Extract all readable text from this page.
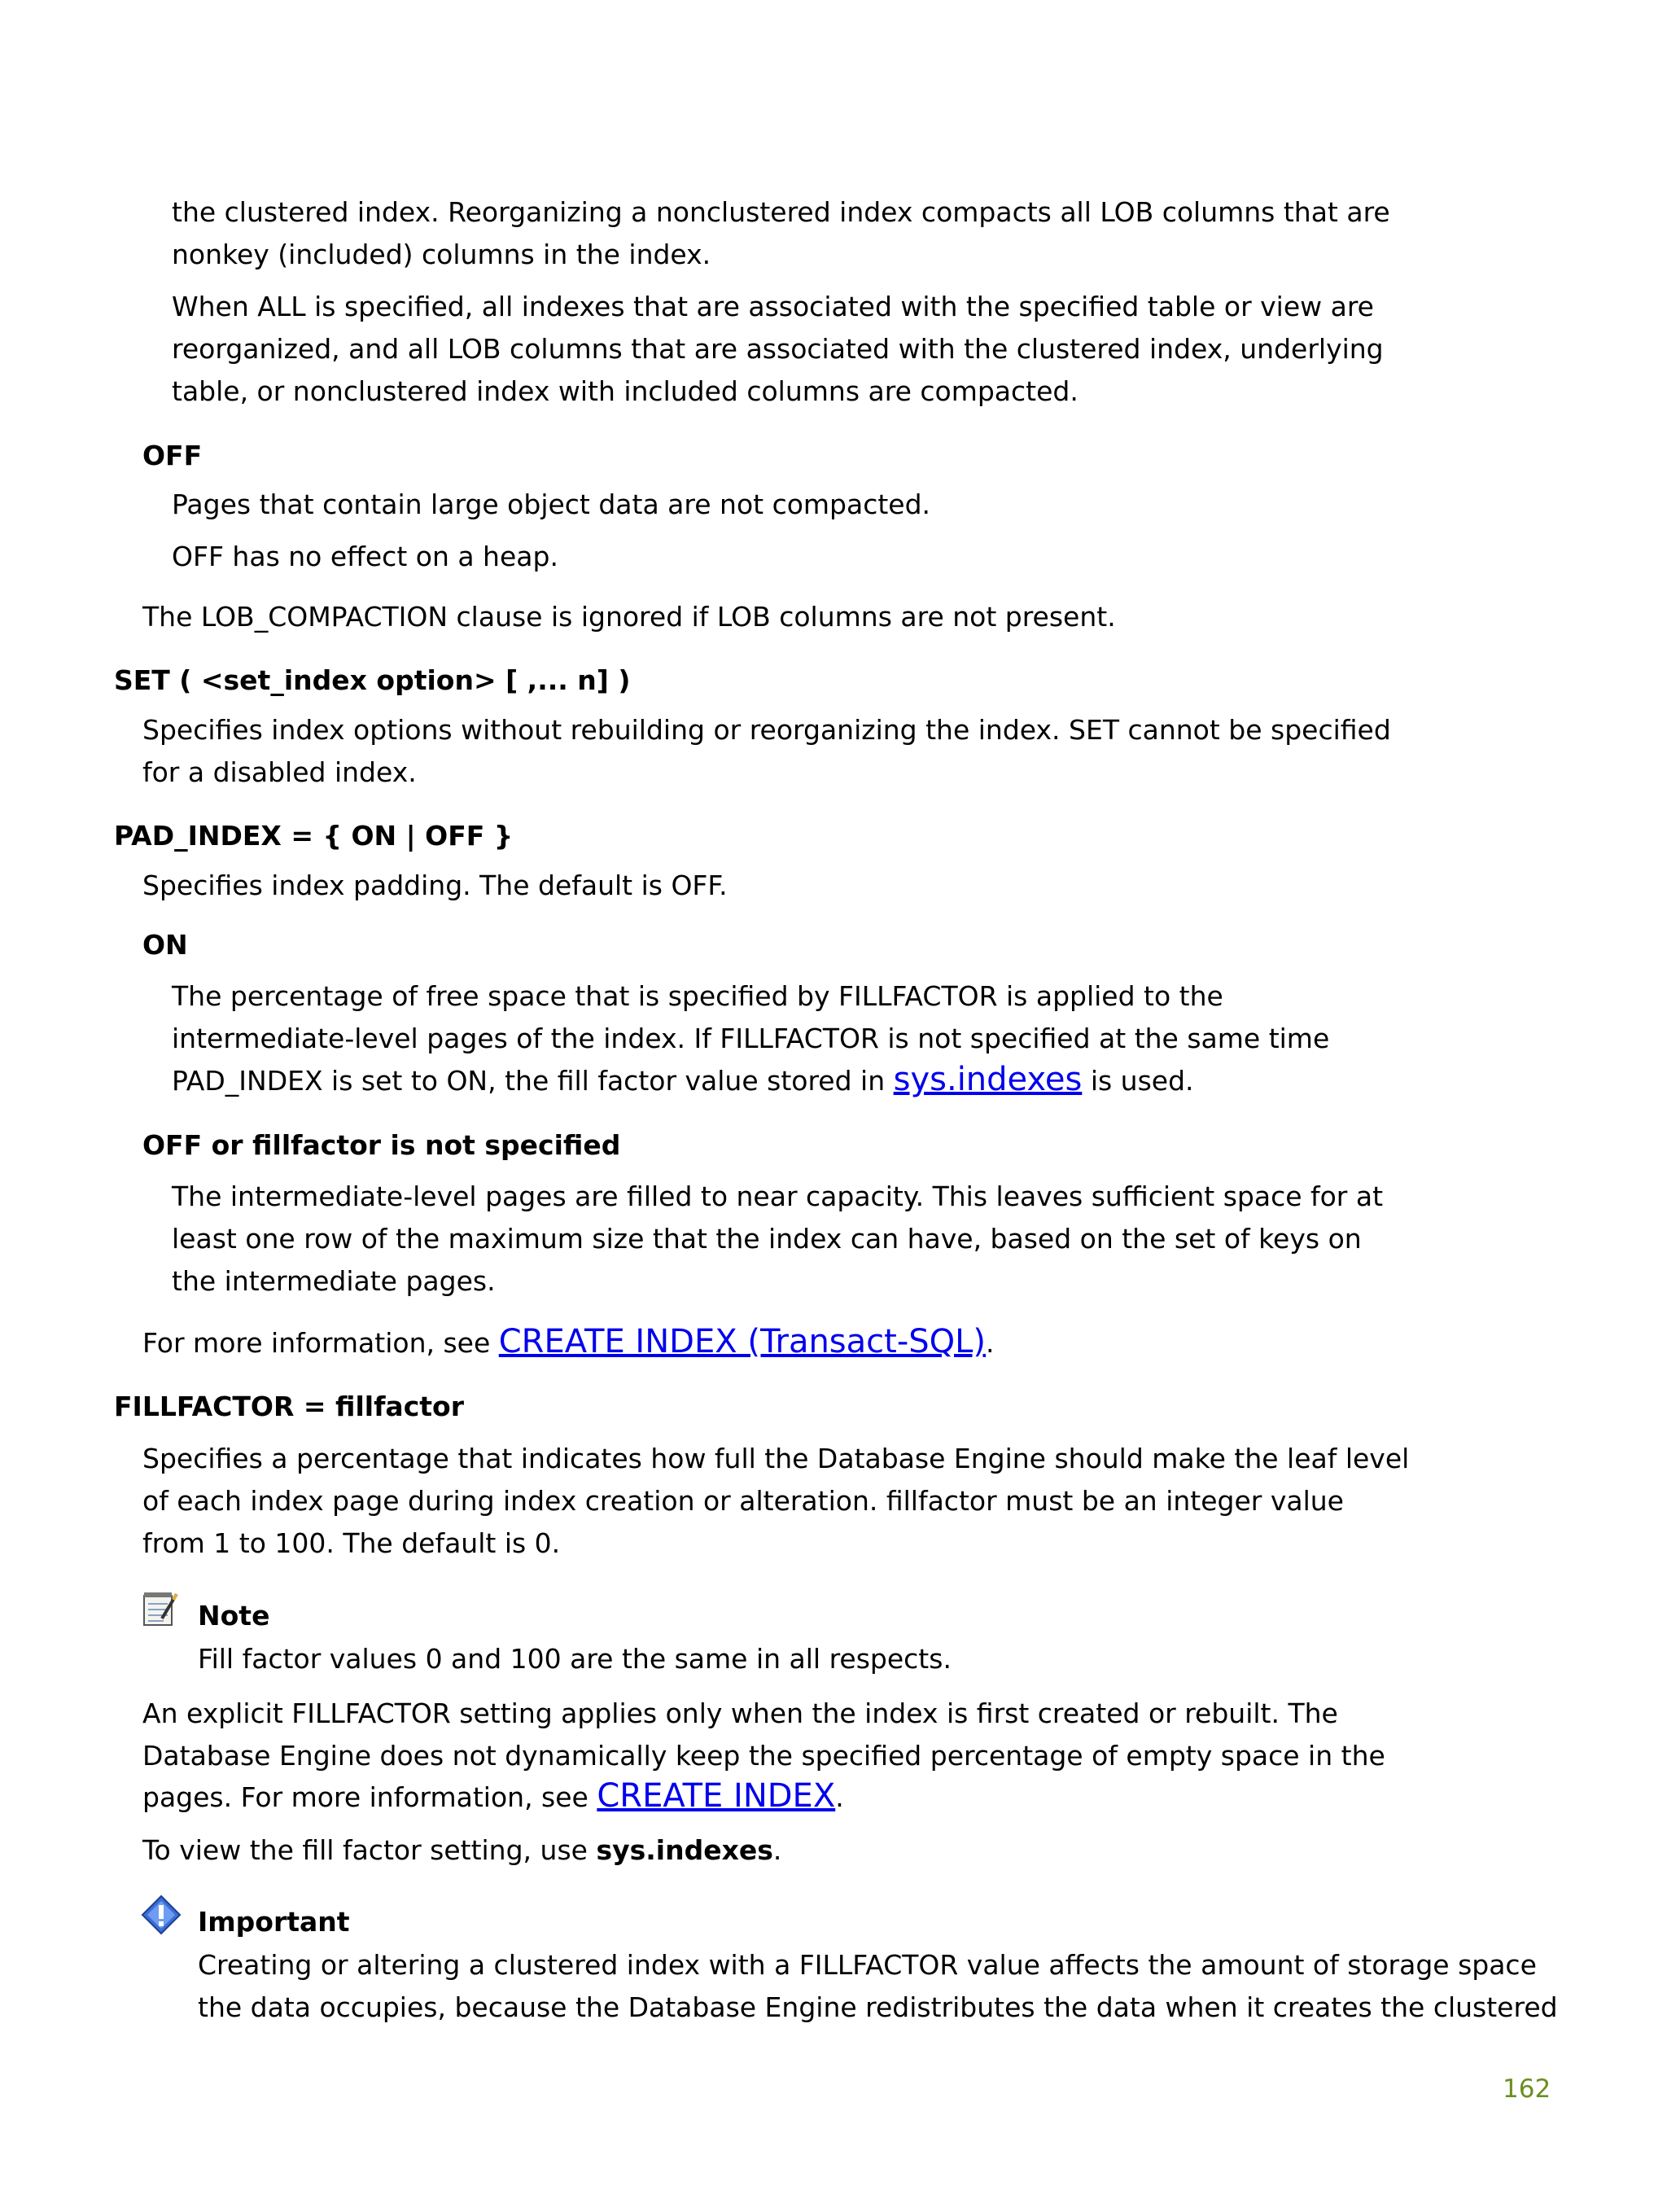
the clustered index. Reorganizing a nonclustered index compacts all LOB columns that are
nonkey (included) columns in the index.
When ALL is specified, all indexes that are associated with the specified table or view are
reorganized, and all LOB columns that are associated with the clustered index, underlying
table, or nonclustered index with included columns are compacted.
OFF
Pages that contain large object data are not compacted.
OFF has no effect on a heap.
The LOB_COMPACTION clause is ignored if LOB columns are not present.
SET ( <set_index option> [ ,... n] )
Specifies index options without rebuilding or reorganizing the index. SET cannot be specified
for a disabled index.
PAD_INDEX = { ON | OFF }
Specifies index padding. The default is OFF.
ON
The percentage of free space that is specified by FILLFACTOR is applied to the
intermediate-level pages of the index. If FILLFACTOR is not specified at the same time
PAD_INDEX is set to ON, the fill factor value stored in sys.indexes is used.
OFF or fillfactor is not specified
The intermediate-level pages are filled to near capacity. This leaves sufficient space for at
least one row of the maximum size that the index can have, based on the set of keys on
the intermediate pages.
For more information, see CREATE INDEX (Transact-SQL).
FILLFACTOR = fillfactor
Specifies a percentage that indicates how full the Database Engine should make the leaf level
of each index page during index creation or alteration. fillfactor must be an integer value
from 1 to 100. The default is 0.
Note
Fill factor values 0 and 100 are the same in all respects.
An explicit FILLFACTOR setting applies only when the index is first created or rebuilt. The
Database Engine does not dynamically keep the specified percentage of empty space in the
pages. For more information, see CREATE INDEX.
To view the fill factor setting, use sys.indexes.
Important
Creating or altering a clustered index with a FILLFACTOR value affects the amount of storage space
the data occupies, because the Database Engine redistributes the data when it creates the clustered
162
